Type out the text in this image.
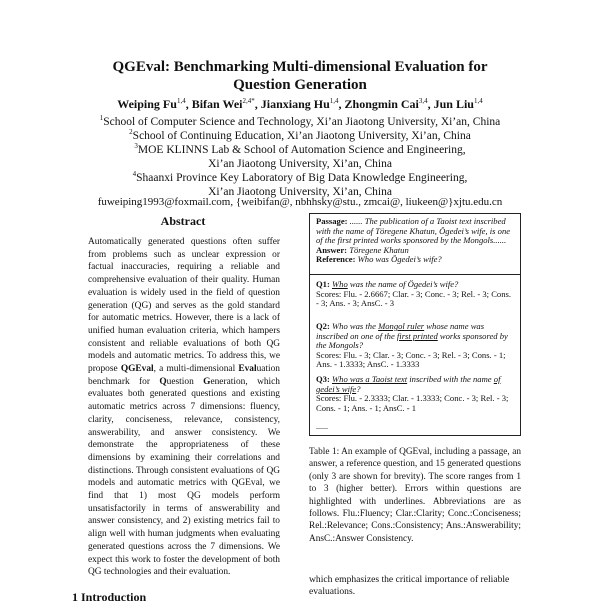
QGEval: Benchmarking Multi-dimensional Evaluation for
Question Generation
Weiping Fu$^{1,4}$, Bifan Wei$^{2,4*}$, Jianxiang Hu$^{1,4}$, Zhongmin Cai$^{3,4}$, Jun Liu$^{1,4}$
$^1$School of Computer Science and Technology, Xi’an Jiaotong University, Xi’an, China
$^2$School of Continuing Education, Xi’an Jiaotong University, Xi’an, China
$^3$MOE KLINNS Lab & School of Automation Science and Engineering,
Xi’an Jiaotong University, Xi’an, China
$^4$Shaanxi Province Key Laboratory of Big Data Knowledge Engineering,
Xi’an Jiaotong University, Xi’an, China
fuweiping1993@foxmail.com, {weibifan@, nbhhsky@stu., zmcai@, liukeen@}xjtu.edu.cn
Abstract
Automatically generated questions often suffer from problems such as unclear expression or factual inaccuracies, requiring a reliable and comprehensive evaluation of their quality. Human evaluation is widely used in the field of question generation (QG) and serves as the gold standard for automatic metrics. However, there is a lack of unified human evaluation criteria, which hampers consistent and reliable evaluations of both QG models and automatic metrics. To address this, we propose QGEval, a multi-dimensional Evaluation benchmark for Question Generation, which evaluates both generated questions and existing automatic metrics across 7 dimensions: fluency, clarity, conciseness, relevance, consistency, answerability, and answer consistency. We demonstrate the appropriateness of these dimensions by examining their correlations and distinctions. Through consistent evaluations of QG models and automatic metrics with QGEval, we find that 1) most QG models perform unsatisfactorily in terms of answerability and answer consistency, and 2) existing metrics fail to align well with human judgments when evaluating generated questions across the 7 dimensions. We expect this work to foster the development of both QG technologies and their evaluation.
1 Introduction
Passage: ...... The publication of a Taoist text inscribed with the name of Töregene Khatun, Ögedei’s wife, is one of the first printed works sponsored by the Mongols......
Answer: Töregene Khatun
Reference: Who was Ögedei’s wife?
Q1: Who was the name of Ögedei’s wife?
Scores: Flu. - 2.6667; Clar. - 3; Conc. - 3; Rel. - 3; Cons. - 3; Ans. - 3; AnsC. - 3
Q2: Who was the Mongol ruler whose name was inscribed on one of the first printed works sponsored by the Mongols?
Scores: Flu. - 3; Clar. - 3; Conc. - 3; Rel. - 3; Cons. - 1; Ans. - 1.3333; AnsC. - 1.3333
Q3: Who was a Taoist text inscribed with the name of gedei’s wife?
Scores: Flu. - 2.3333; Clar. - 1.3333; Conc. - 3; Rel. - 3; Cons. - 1; Ans. - 1; AnsC. - 1
......
Table 1: An example of QGEval, including a passage, an answer, a reference question, and 15 generated questions (only 3 are shown for brevity). The score ranges from 1 to 3 (higher better). Errors within questions are highlighted with underlines. Abbreviations are as follows. Flu.:Fluency; Clar.:Clarity; Conc.:Conciseness; Rel.:Relevance; Cons.:Consistency; Ans.:Answerability; AnsC.:Answer Consistency.
which emphasizes the critical importance of reliable evaluations.
